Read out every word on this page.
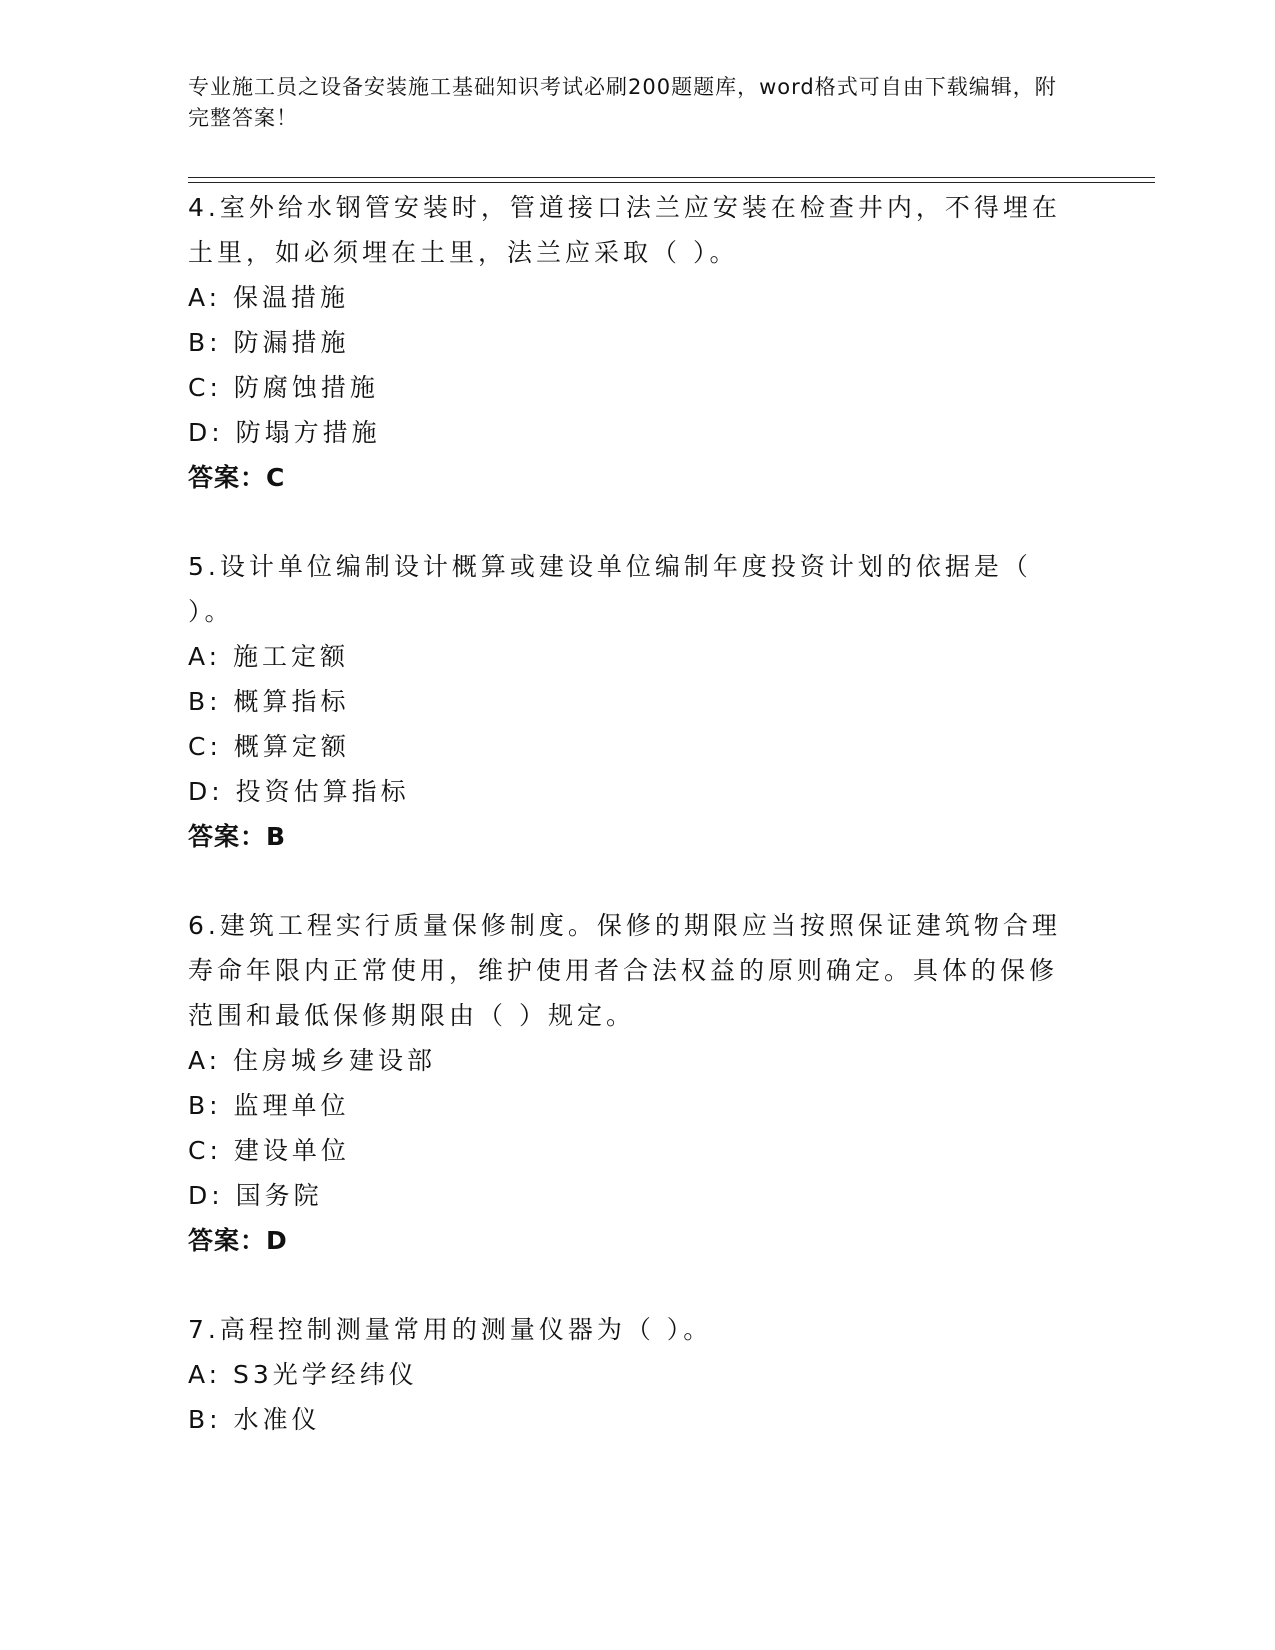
专业施工员之设备安装施工基础知识考试必刷200题题库，word格式可自由下载编辑，附完整答案！

4.室外给水钢管安装时，管道接口法兰应安装在检查井内，不得埋在土里，如必须埋在土里，法兰应采取（ ）。

A: 保温措施

B: 防漏措施

C: 防腐蚀措施

D: 防塌方措施

答案：C

5.设计单位编制设计概算或建设单位编制年度投资计划的依据是（ ）。

A: 施工定额

B: 概算指标

C: 概算定额

D: 投资估算指标

答案：B

6.建筑工程实行质量保修制度。保修的期限应当按照保证建筑物合理寿命年限内正常使用，维护使用者合法权益的原则确定。具体的保修范围和最低保修期限由（ ）规定。

A: 住房城乡建设部

B: 监理单位

C: 建设单位

D: 国务院

答案：D

7.高程控制测量常用的测量仪器为（ ）。

A: S3光学经纬仪

B: 水准仪
